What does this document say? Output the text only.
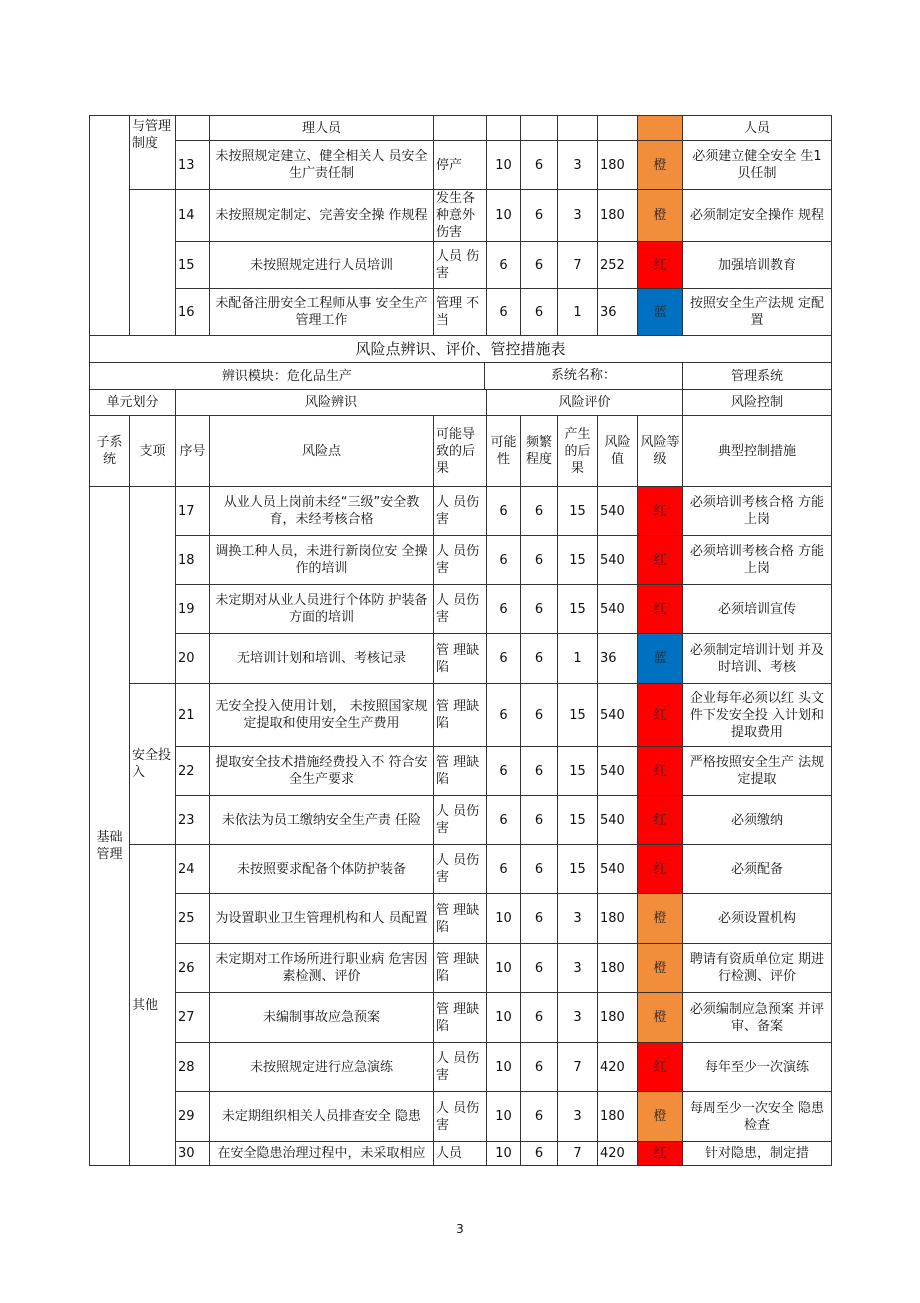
	与管理制度		理人员							人员
		13	未按照规定建立、健全相关人 员安全生广责任制	停产	10	6	3	180	橙	必须建立健全安全 生1 贝任制
		14	未按照规定制定、完善安全操 作规程	发生各种意外伤害	10	6	3	180	橙	必须制定安全操作 规程
		15	未按照规定进行人员培训	人员 伤害	6	6	7	252	红	加强培训教育
		16	未配备注册安全工程师从事 安全生产管理工作	管理 不当	6	6	1	36	蓝	按照安全生产法规 定配置
风险点辨识、评价、管控措施表										

辨识模块：危化品生产 系统名称：										管理系统
单元划分		风险辨识			风险评价					风险控制
子系统	支项	序号	风险点	可能导致的后果	可能性	频繁程度	产生的后果	风险值	风险等级	典型控制措施
基础管理		17	从业人员上岗前未经“三级”安全教育，未经考核合格	人 员伤害	6	6	15	540	红	必须培训考核合格 方能上岗
		18	调换工种人员，未进行新岗位安 全操作的培训	人 员伤害	6	6	15	540	红	必须培训考核合格 方能上岗
		19	未定期对从业人员进行个体防 护装备方面的培训	人 员伤害	6	6	15	540	红	必须培训宣传
		20	无培训计划和培训、考核记录	管 理缺陷	6	6	1	36	蓝	必须制定培训计划 并及时培训、考核
	安全投入	21	无安全投入使用计划， 未按照国家规定提取和使用安全生产费用	管 理缺陷	6	6	15	540	红	企业每年必须以红 头文件下发安全投 入计划和提取费用
		22	提取安全技术措施经费投入不 符合安全生产要求	管 理缺陷	6	6	15	540	红	严格按照安全生产 法规定提取
		23	未依法为员工缴纳安全生产责 任险	人 员伤害	6	6	15	540	红	必须缴纳
	其他	24	未按照要求配备个体防护装备	人 员伤害	6	6	15	540	红	必须配备
		25	为设置职业卫生管理机构和人 员配置	管 理缺陷	10	6	3	180	橙	必须设置机构
		26	未定期对工作场所进行职业病 危害因素检测、评价	管 理缺陷	10	6	3	180	橙	聘请有资质单位定 期进行检测、评价
		27	未编制事故应急预案	管 理缺陷	10	6	3	180	橙	必须编制应急预案 并评审、备案
		28	未按照规定进行应急演练	人 员伤害	10	6	7	420	红	每年至少一次演练
		29	未定期组织相关人员排查安全 隐患	人 员伤害	10	6	3	180	橙	每周至少一次安全 隐患检查
		30	在安全隐患治理过程中，未采取相应	人员	10	6	7	420	红	针对隐患，制定措
3
